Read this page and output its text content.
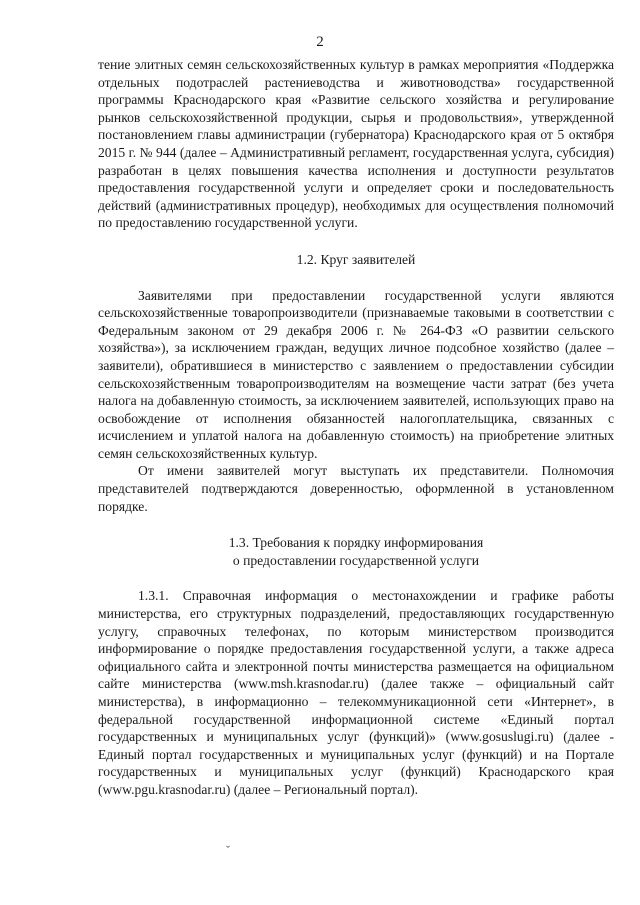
2

тение элитных семян сельскохозяйственных культур в рамках мероприятия «Поддержка отдельных подотраслей растениеводства и животноводства» государственной программы Краснодарского края «Развитие сельского хозяйства и регулирование рынков сельскохозяйственной продукции, сырья и продовольствия», утвержденной постановлением главы администрации (губернатора) Краснодарского края от 5 октября 2015 г. № 944 (далее – Административный регламент, государственная услуга, субсидия) разработан в целях повышения качества исполнения и доступности результатов предоставления государственной услуги и определяет сроки и последовательность действий (административных процедур), необходимых для осуществления полномочий по предоставлению государственной услуги.

1.2. Круг заявителей

Заявителями при предоставлении государственной услуги являются сельскохозяйственные товаропроизводители (признаваемые таковыми в соответствии с Федеральным законом от 29 декабря 2006 г. № 264-ФЗ «О развитии сельского хозяйства»), за исключением граждан, ведущих личное подсобное хозяйство (далее – заявители), обратившиеся в министерство с заявлением о предоставлении субсидии сельскохозяйственным товаропроизводителям на возмещение части затрат (без учета налога на добавленную стоимость, за исключением заявителей, использующих право на освобождение от исполнения обязанностей налогоплательщика, связанных с исчислением и уплатой налога на добавленную стоимость) на приобретение элитных семян сельскохозяйственных культур.

От имени заявителей могут выступать их представители. Полномочия представителей подтверждаются доверенностью, оформленной в установленном порядке.

1.3. Требования к порядку информирования
о предоставлении государственной услуги

1.3.1. Справочная информация о местонахождении и графике работы министерства, его структурных подразделений, предоставляющих государственную услугу, справочных телефонах, по которым министерством производится информирование о порядке предоставления государственной услуги, а также адреса официального сайта и электронной почты министерства размещается на официальном сайте министерства (www.msh.krasnodar.ru) (далее также – официальный сайт министерства), в информационно – телекоммуникационной сети «Интернет», в федеральной государственной информационной системе «Единый портал государственных и муниципальных услуг (функций)» (www.gosuslugi.ru) (далее - Единый портал государственных и муниципальных услуг (функций) и на Портале государственных и муниципальных услуг (функций) Краснодарского края (www.pgu.krasnodar.ru) (далее – Региональный портал).

ˇ
